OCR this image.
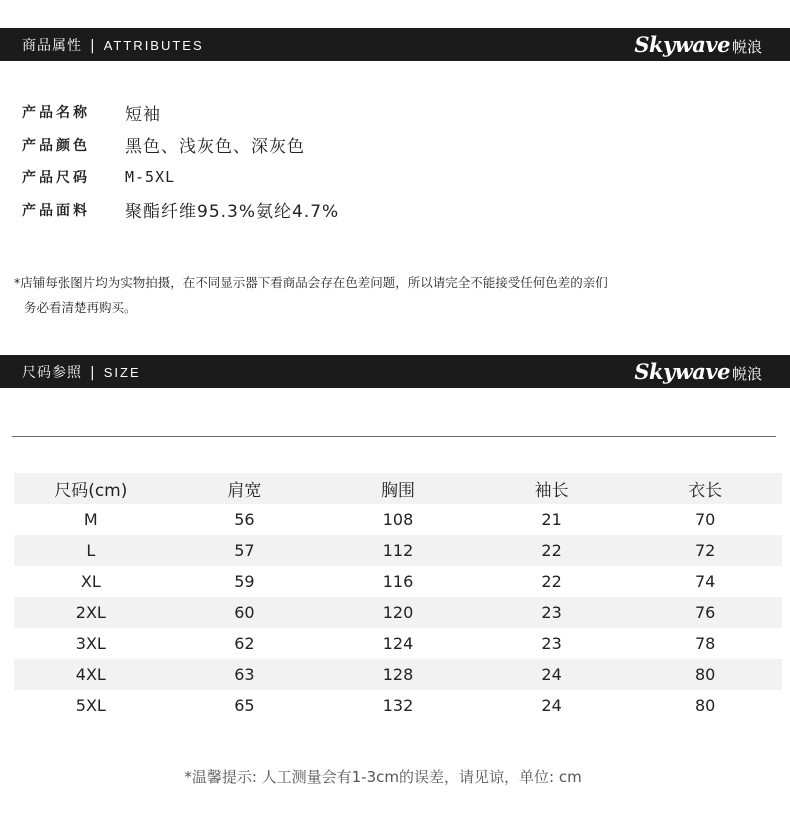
商品属性 | ATTRIBUTES	Skywave 帨浪
产品名称	短袖
产品颜色	黑色、浅灰色、深灰色
产品尺码	M-5XL
产品面料	聚酯纤维95.3%氨纶4.7%
*店铺每张图片均为实物拍摄，在不同显示器下看商品会存在色差问题，所以请完全不能接受任何色差的亲们
务必看清楚再购买。
尺码参照 | SIZE	Skywave 帨浪
尺码(cm)	肩宽	胸围	袖长	衣长
M	56	108	21	70
L	57	112	22	72
XL	59	116	22	74
2XL	60	120	23	76
3XL	62	124	23	78
4XL	63	128	24	80
5XL	65	132	24	80
*温馨提示: 人工测量会有1-3cm的误差，请见谅，单位: cm
